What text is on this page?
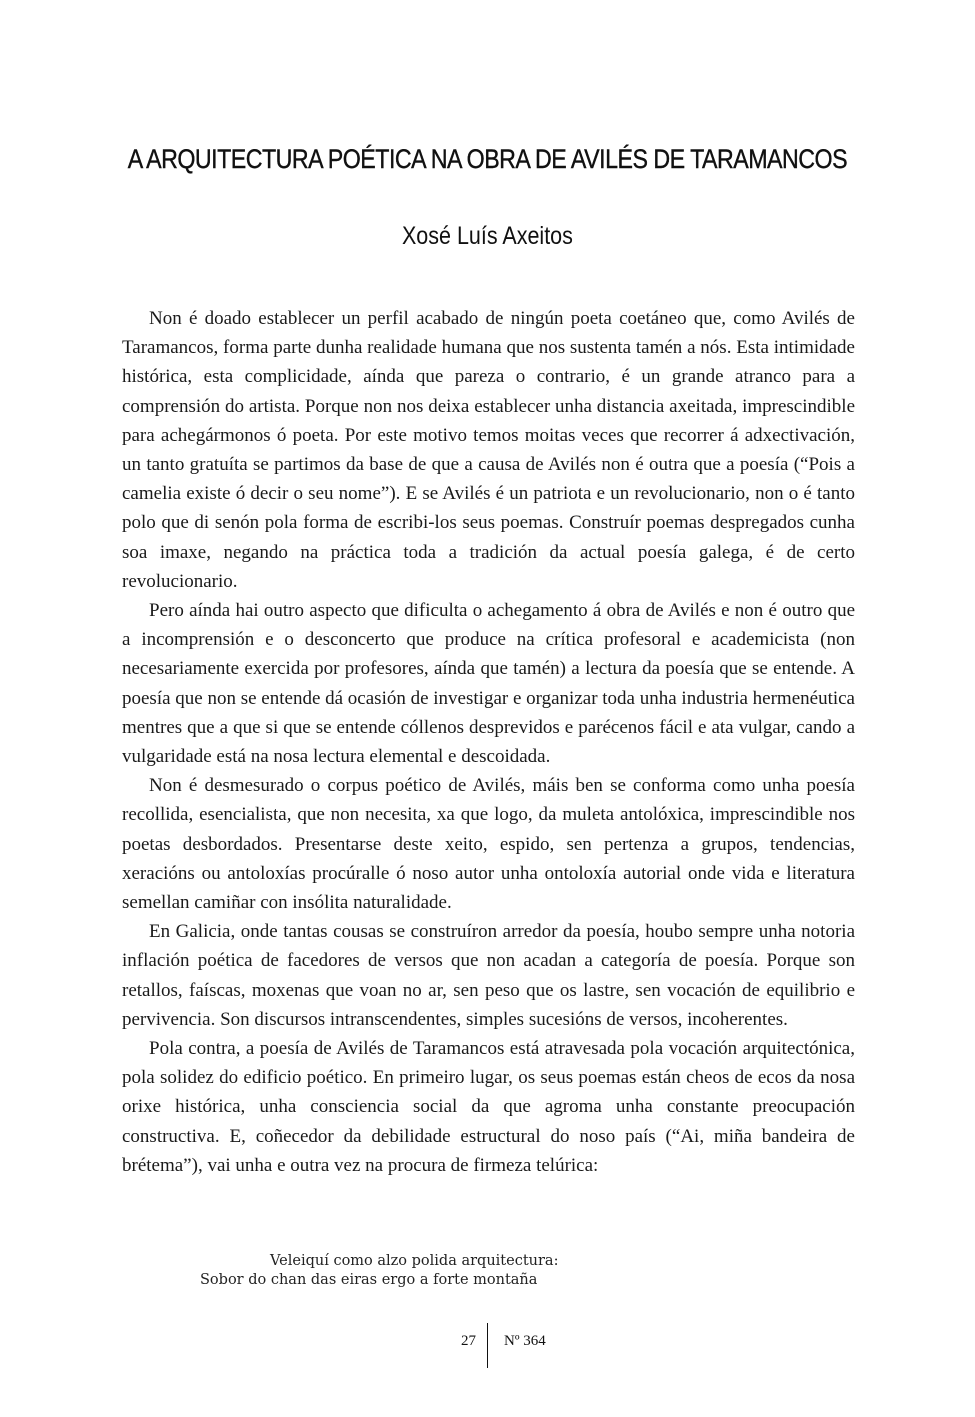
A ARQUITECTURA POÉTICA NA OBRA DE AVILÉS DE TARAMANCOS
Xosé Luís Axeitos

Non é doado establecer un perfil acabado de ningún poeta coetáneo que, como Avilés de Taramancos, forma parte dunha realidade humana que nos sustenta tamén a nós. Esta intimidade histórica, esta complicidade, aínda que pareza o contrario, é un grande atranco para a comprensión do artista. Porque non nos deixa establecer unha distancia axeitada, imprescindible para achegármonos ó poeta. Por este motivo temos moitas veces que recorrer á adxectivación, un tanto gratuíta se partimos da base de que a causa de Avilés non é outra que a poesía (“Pois a camelia existe ó decir o seu nome”). E se Avilés é un patriota e un revolucionario, non o é tanto polo que di senón pola forma de escribi-los seus poemas. Construír poemas despregados cunha soa imaxe, negando na práctica toda a tradición da actual poesía galega, é de certo revolucionario.

Pero aínda hai outro aspecto que dificulta o achegamento á obra de Avilés e non é outro que a incomprensión e o desconcerto que produce na crítica profesoral e academicista (non necesariamente exercida por profesores, aínda que tamén) a lectura da poesía que se entende. A poesía que non se entende dá ocasión de investigar e organizar toda unha industria hermenéutica mentres que a que si que se entende cóllenos desprevidos e parécenos fácil e ata vulgar, cando a vulgaridade está na nosa lectura elemental e descoidada.

Non é desmesurado o corpus poético de Avilés, máis ben se conforma como unha poesía recollida, esencialista, que non necesita, xa que logo, da muleta antolóxica, imprescindible nos poetas desbordados. Presentarse deste xeito, espido, sen pertenza a grupos, tendencias, xeracións ou antoloxías procúralle ó noso autor unha ontoloxía autorial onde vida e literatura semellan camiñar con insólita naturalidade.

En Galicia, onde tantas cousas se construíron arredor da poesía, houbo sempre unha notoria inflación poética de facedores de versos que non acadan a categoría de poesía. Porque son retallos, faíscas, moxenas que voan no ar, sen peso que os lastre, sen vocación de equilibrio e pervivencia. Son discursos intranscendentes, simples sucesións de versos, incoherentes.

Pola contra, a poesía de Avilés de Taramancos está atravesada pola vocación arquitectónica, pola solidez do edificio poético. En primeiro lugar, os seus poemas están cheos de ecos da nosa orixe histórica, unha consciencia social da que agroma unha constante preocupación constructiva. E, coñecedor da debilidade estructural do noso país (“Ai, miña bandeira de brétema”), vai unha e outra vez na procura de firmeza telúrica:

Veleiquí como alzo polida arquitectura:
Sobor do chan das eiras ergo a forte montaña
27 Nº 364
